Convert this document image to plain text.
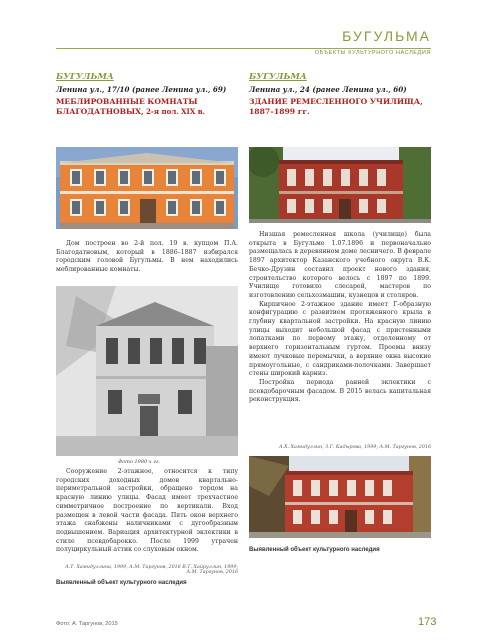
БУГУЛЬМА
ОБЪЕКТЫ КУЛЬТУРНОГО НАСЛЕДИЯ
БУГУЛЬМА
Ленина ул., 17/10 (ранее Ленина ул., 69)
МЕБЛИРОВАННЫЕ КОМНАТЫ
БЛАГОДАТНОВЫХ, 2-я пол. XIX в.

Дом построен во 2-й пол. 19 в. купцом П.А. Благодатновым, который в 1886–1887 избирался городским головой Бугульмы. В нем находились меблированные комнаты.

Фото 1980-х гг.

Сооружение 2-этажное, относится к типу городских доходных домов квартально-периметральной застройки, обращено торцом на красную линию улицы. Фасад имеет трехчастное симметричное построение по вертикали. Вход размещен в левой части фасада. Пять окон верхнего этажа снабжены наличниками с дугообразным подвышением. Вариация архитектурной эклектики в стиле псевдобарокко. После 1999 утрачен полуциркульный аттик со слуховым окном.

А.Т. Хамидуллина, 1999, А.М. Таргунов, 2016 В.Т. Хайруллин, 1999; А.М. Таргунов, 2016
Выявленный объект культурного наследия
БУГУЛЬМА
Ленина ул., 24 (ранее Ленина ул., 60)
ЗДАНИЕ РЕМЕСЛЕННОГО УЧИЛИЩА,
1887–1899 гг.

Низшая ремесленная школа (училище) была открыта в Бугульме 1.07.1896 и первоначально размещалась в деревянном доме лесничего. В феврале 1897 архитектор Казанского учебного округа В.К. Бечко-Друзин составил проект нового здания, строительство которого велось с 1897 по 1899. Училище готовило слесарей, мастеров по изготовлению сельхозмашин, кузнецов и столяров.

Кирпичное 2-этажное здание имеет Г-образную конфигурацию с развитием протяженного крыла в глубину квартальной застройки. На красную линию улицы выходит небольшой фасад с пристенными лопатками по первому этажу, отделенному от верхнего горизонтальным гуртом. Проемы внизу имеют лучковые перемычки, а верхние окна высокие прямоугольные, с сандриками-полочками. Завершает стены широкий карниз.

Постройка периода ранней эклектики с псевдобарочным фасадом. В 2015 велась капитальная реконструкция.

А.Х. Хамидуллин, З.Г. Кадырова, 1999; А.М. Таргунов, 2016
Выявленный объект культурного наследия
Фото: А. Таргунов, 2015	173
